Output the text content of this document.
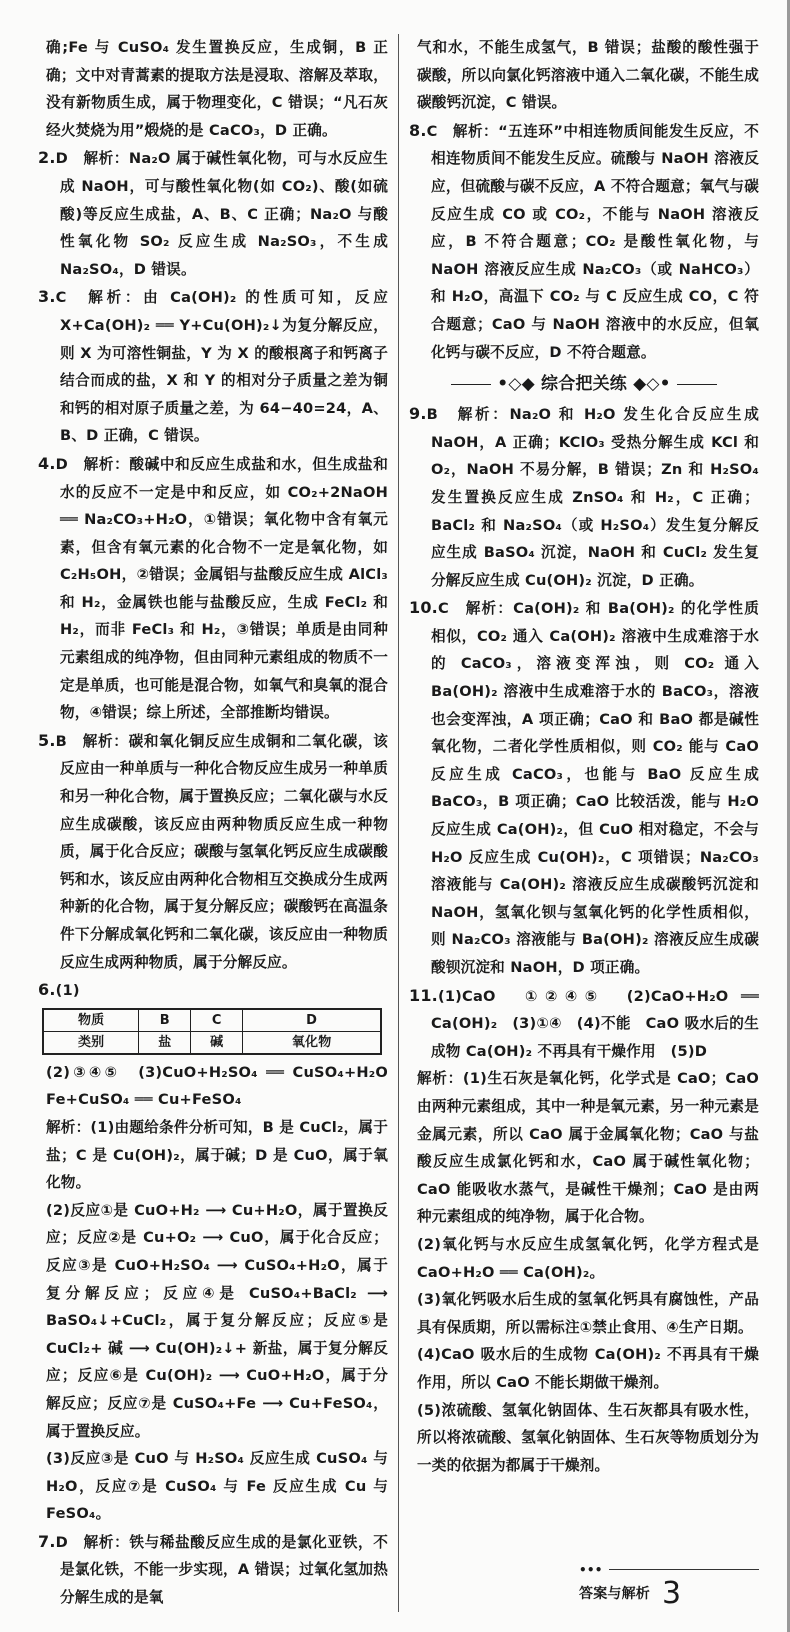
确;Fe 与 CuSO₄ 发生置换反应，生成铜，B 正确；文中对青蒿素的提取方法是浸取、溶解及萃取，没有新物质生成，属于物理变化，C 错误；“凡石灰经火焚烧为用”煅烧的是 CaCO₃，D 正确。

2.D　解析：Na₂O 属于碱性氧化物，可与水反应生成 NaOH，可与酸性氧化物(如 CO₂)、酸(如硫酸)等反应生成盐，A、B、C 正确；Na₂O 与酸性氧化物 SO₂ 反应生成 Na₂SO₃，不生成 Na₂SO₄，D 错误。

3.C　解析：由 Ca(OH)₂ 的性质可知，反应 X+Ca(OH)₂ ══ Y+Cu(OH)₂↓为复分解反应，则 X 为可溶性铜盐，Y 为 X 的酸根离子和钙离子结合而成的盐，X 和 Y 的相对分子质量之差为铜和钙的相对原子质量之差，为 64−40=24，A、B、D 正确，C 错误。

4.D　解析：酸碱中和反应生成盐和水，但生成盐和水的反应不一定是中和反应，如 CO₂+2NaOH ══ Na₂CO₃+H₂O，①错误；氧化物中含有氧元素，但含有氧元素的化合物不一定是氧化物，如 C₂H₅OH，②错误；金属铝与盐酸反应生成 AlCl₃ 和 H₂，金属铁也能与盐酸反应，生成 FeCl₂ 和 H₂，而非 FeCl₃ 和 H₂，③错误；单质是由同种元素组成的纯净物，但由同种元素组成的物质不一定是单质，也可能是混合物，如氧气和臭氧的混合物，④错误；综上所述，全部推断均错误。

5.B　解析：碳和氧化铜反应生成铜和二氧化碳，该反应由一种单质与一种化合物反应生成另一种单质和另一种化合物，属于置换反应；二氧化碳与水反应生成碳酸，该反应由两种物质反应生成一种物质，属于化合反应；碳酸与氢氧化钙反应生成碳酸钙和水，该反应由两种化合物相互交换成分生成两种新的化合物，属于复分解反应；碳酸钙在高温条件下分解成氧化钙和二氧化碳，该反应由一种物质反应生成两种物质，属于分解反应。

6.(1)

物质	B	C	D
类别	盐	碱	氧化物

(2)③④⑤　(3)CuO+H₂SO₄ ══ CuSO₄+H₂O　Fe+CuSO₄ ══ Cu+FeSO₄

解析：(1)由题给条件分析可知，B 是 CuCl₂，属于盐；C 是 Cu(OH)₂，属于碱；D 是 CuO，属于氧化物。

(2)反应①是 CuO+H₂ ⟶ Cu+H₂O，属于置换反应；反应②是 Cu+O₂ ⟶ CuO，属于化合反应；反应③是 CuO+H₂SO₄ ⟶ CuSO₄+H₂O，属于复分解反应；反应④是 CuSO₄+BaCl₂ ⟶ BaSO₄↓+CuCl₂，属于复分解反应；反应⑤是 CuCl₂+ 碱 ⟶ Cu(OH)₂↓+ 新盐，属于复分解反应；反应⑥是 Cu(OH)₂ ⟶ CuO+H₂O，属于分解反应；反应⑦是 CuSO₄+Fe ⟶ Cu+FeSO₄，属于置换反应。

(3)反应③是 CuO 与 H₂SO₄ 反应生成 CuSO₄ 与 H₂O，反应⑦是 CuSO₄ 与 Fe 反应生成 Cu 与 FeSO₄。

7.D　解析：铁与稀盐酸反应生成的是氯化亚铁，不是氯化铁，不能一步实现，A 错误；过氧化氢加热分解生成的是氧

气和水，不能生成氢气，B 错误；盐酸的酸性强于碳酸，所以向氯化钙溶液中通入二氧化碳，不能生成碳酸钙沉淀，C 错误。

8.C　解析：“五连环”中相连物质间能发生反应，不相连物质间不能发生反应。硫酸与 NaOH 溶液反应，但硫酸与碳不反应，A 不符合题意；氧气与碳反应生成 CO 或 CO₂，不能与 NaOH 溶液反应，B 不符合题意；CO₂ 是酸性氧化物，与 NaOH 溶液反应生成 Na₂CO₃（或 NaHCO₃）和 H₂O，高温下 CO₂ 与 C 反应生成 CO，C 符合题意；CaO 与 NaOH 溶液中的水反应，但氧化钙与碳不反应，D 不符合题意。

•◇◆ 综合把关练 ◆◇•

9.B　解析：Na₂O 和 H₂O 发生化合反应生成 NaOH，A 正确；KClO₃ 受热分解生成 KCl 和 O₂，NaOH 不易分解，B 错误；Zn 和 H₂SO₄ 发生置换反应生成 ZnSO₄ 和 H₂，C 正确；BaCl₂ 和 Na₂SO₄（或 H₂SO₄）发生复分解反应生成 BaSO₄ 沉淀，NaOH 和 CuCl₂ 发生复分解反应生成 Cu(OH)₂ 沉淀，D 正确。

10.C　解析：Ca(OH)₂ 和 Ba(OH)₂ 的化学性质相似，CO₂ 通入 Ca(OH)₂ 溶液中生成难溶于水的 CaCO₃，溶液变浑浊，则 CO₂ 通入 Ba(OH)₂ 溶液中生成难溶于水的 BaCO₃，溶液也会变浑浊，A 项正确；CaO 和 BaO 都是碱性氧化物，二者化学性质相似，则 CO₂ 能与 CaO 反应生成 CaCO₃，也能与 BaO 反应生成 BaCO₃，B 项正确；CaO 比较活泼，能与 H₂O 反应生成 Ca(OH)₂，但 CuO 相对稳定，不会与 H₂O 反应生成 Cu(OH)₂，C 项错误；Na₂CO₃ 溶液能与 Ca(OH)₂ 溶液反应生成碳酸钙沉淀和 NaOH，氢氧化钡与氢氧化钙的化学性质相似，则 Na₂CO₃ 溶液能与 Ba(OH)₂ 溶液反应生成碳酸钡沉淀和 NaOH，D 项正确。

11.(1)CaO　①②④⑤　(2)CaO+H₂O ══ Ca(OH)₂　(3)①④　(4)不能　CaO 吸水后的生成物 Ca(OH)₂ 不再具有干燥作用　(5)D

解析：(1)生石灰是氧化钙，化学式是 CaO；CaO 由两种元素组成，其中一种是氧元素，另一种元素是金属元素，所以 CaO 属于金属氧化物；CaO 与盐酸反应生成氯化钙和水，CaO 属于碱性氧化物；CaO 能吸收水蒸气，是碱性干燥剂；CaO 是由两种元素组成的纯净物，属于化合物。

(2)氧化钙与水反应生成氢氧化钙，化学方程式是 CaO+H₂O ══ Ca(OH)₂。

(3)氧化钙吸水后生成的氢氧化钙具有腐蚀性，产品具有保质期，所以需标注①禁止食用、④生产日期。

(4)CaO 吸水后的生成物 Ca(OH)₂ 不再具有干燥作用，所以 CaO 不能长期做干燥剂。

(5)浓硫酸、氢氧化钠固体、生石灰都具有吸水性，所以将浓硫酸、氢氧化钠固体、生石灰等物质划分为一类的依据为都属于干燥剂。

•••
答案与解析 3
